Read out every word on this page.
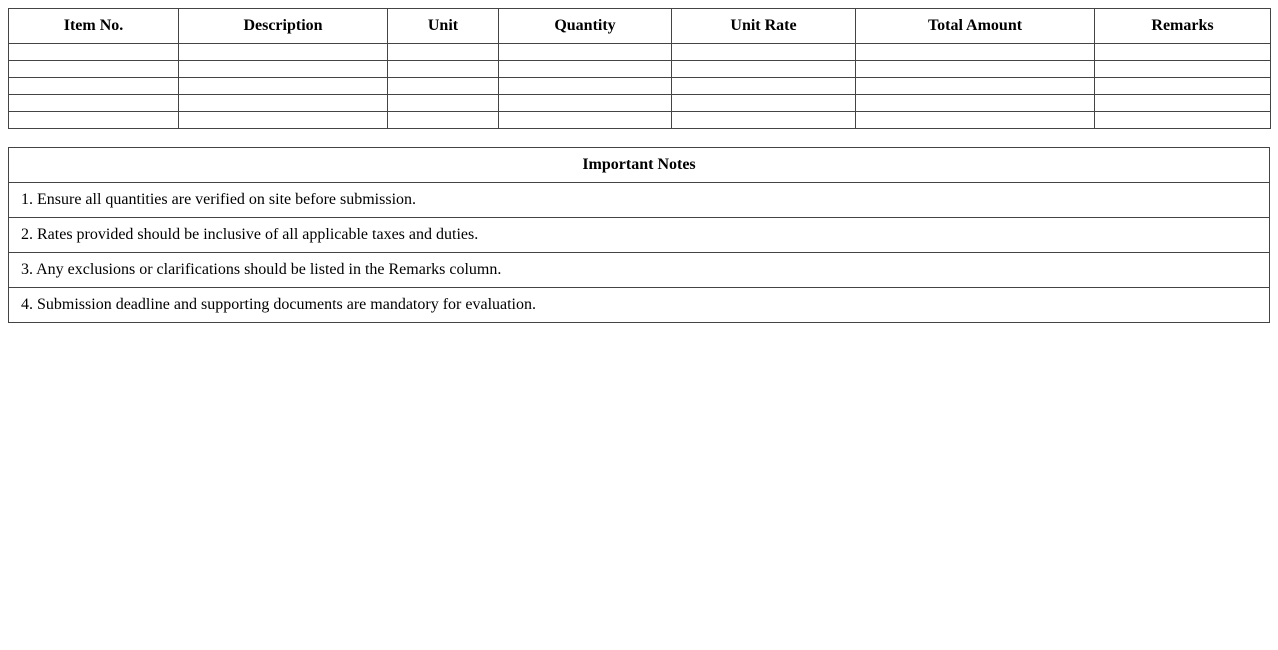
Item No.	Description	Unit	Quantity	Unit Rate	Total Amount	Remarks

Important Notes
1. Ensure all quantities are verified on site before submission.
2. Rates provided should be inclusive of all applicable taxes and duties.
3. Any exclusions or clarifications should be listed in the Remarks column.
4. Submission deadline and supporting documents are mandatory for evaluation.
